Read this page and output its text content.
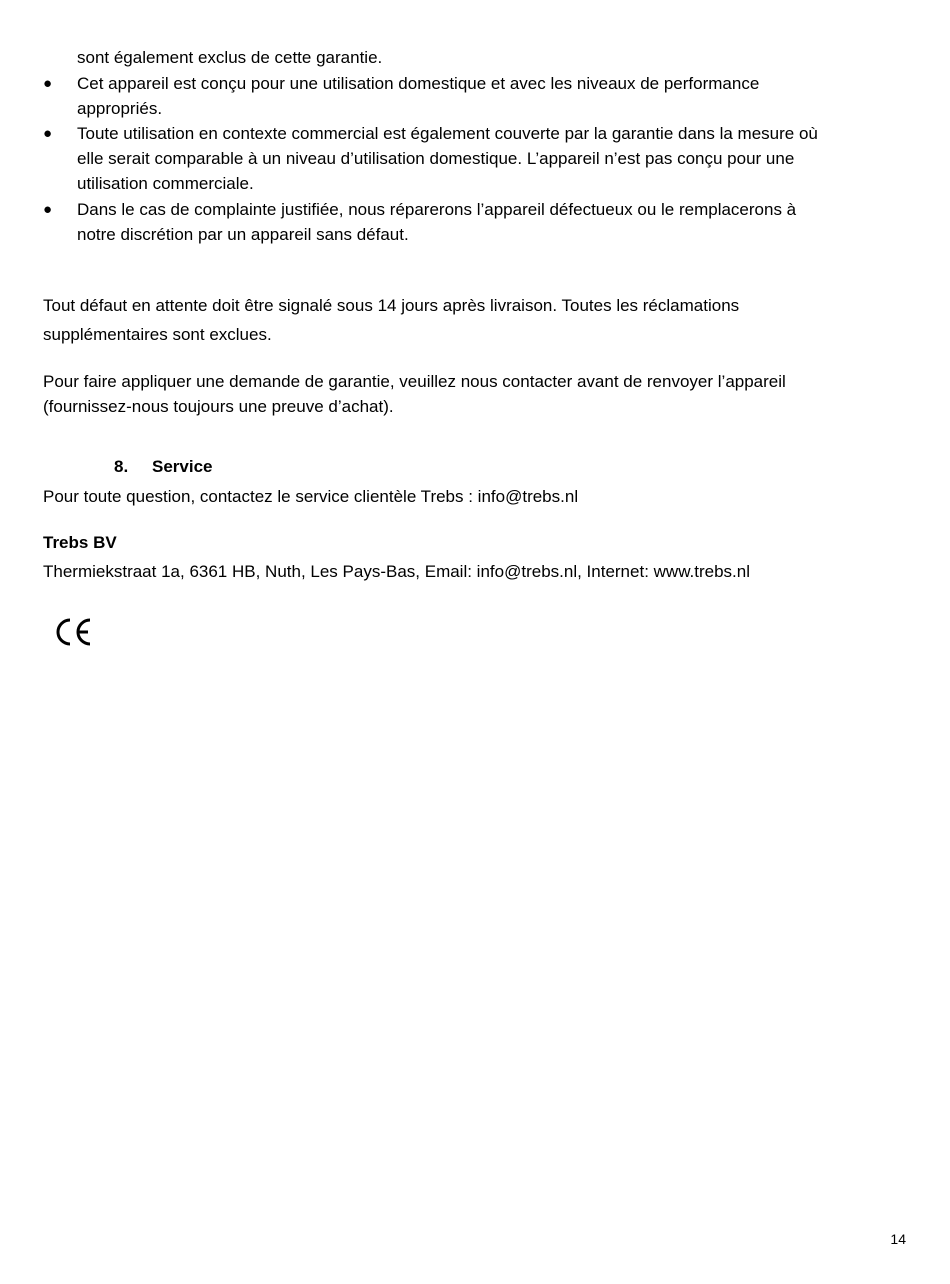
sont également exclus de cette garantie.
● Cet appareil est conçu pour une utilisation domestique et avec les niveaux de performance
appropriés.
● Toute utilisation en contexte commercial est également couverte par la garantie dans la mesure où
elle serait comparable à un niveau d’utilisation domestique. L’appareil n’est pas conçu pour une
utilisation commerciale.
● Dans le cas de complainte justifiée, nous réparerons l’appareil défectueux ou le remplacerons à
notre discrétion par un appareil sans défaut.
Tout défaut en attente doit être signalé sous 14 jours après livraison. Toutes les réclamations
supplémentaires sont exclues.
Pour faire appliquer une demande de garantie, veuillez nous contacter avant de renvoyer l’appareil
(fournissez-nous toujours une preuve d’achat).
8. Service
Pour toute question, contactez le service clientèle Trebs : info@trebs.nl
Trebs BV
Thermiekstraat 1a, 6361 HB, Nuth, Les Pays-Bas, Email: info@trebs.nl, Internet: www.trebs.nl
14
